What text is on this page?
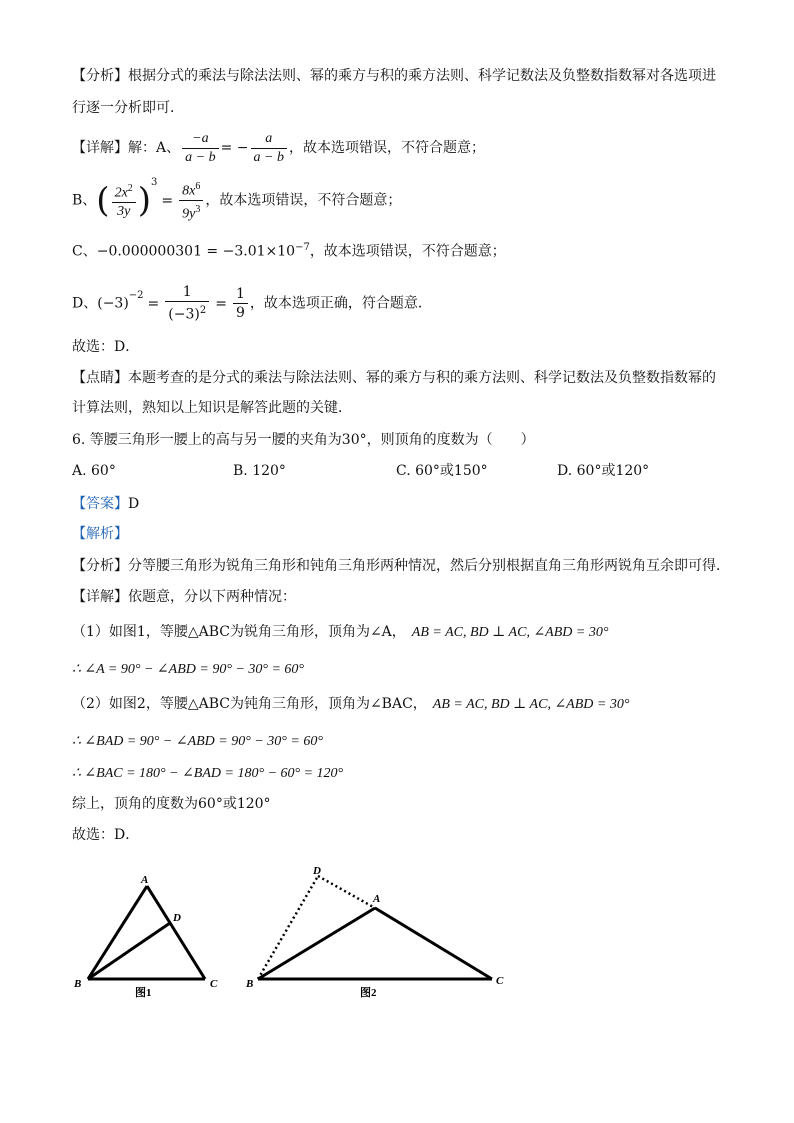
【分析】根据分式的乘法与除法法则、幂的乘方与积的乘方法则、科学记数法及负整数指数幂对各选项进
行逐一分析即可．
【详解】解：A、 $\frac{-a}{a - b}$ = − $\frac{a}{a - b}$ ，故本选项错误，不符合题意；
B、( $\frac{2x^2}{3y} )^3= \frac{8x^6}{9y^3}$ ，故本选项错误，不符合题意；
C、$-0.000000301 = -3.01\times 10^{-7}$，故本选项错误，不符合题意；
D、$(-3)^{-2}= \frac{1}{(-3)^2} = \frac{1}{9}$ ，故本选项正确，符合题意．
故选：D．
【点睛】本题考查的是分式的乘法与除法法则、幂的乘方与积的乘方法则、科学记数法及负整数指数幂的
计算法则，熟知以上知识是解答此题的关键．
6. 等腰三角形一腰上的高与另一腰的夹角为30°，则顶角的度数为（　　）
A. 60°	B. 120°	C. 60°或150°	D. 60°或120°
【答案】D
【解析】
【分析】分等腰三角形为锐角三角形和钝角三角形两种情况，然后分别根据直角三角形两锐角互余即可得．
【详解】依题意，分以下两种情况：
（1）如图1，等腰△ABC为锐角三角形，顶角为∠A， AB = AC, BD ⊥ AC, ∠ABD = 30°
∴ ∠A = 90° − ∠ABD = 90° − 30° = 60°
（2）如图2，等腰△ABC为钝角三角形，顶角为∠BAC， AB = AC, BD ⊥ AC, ∠ABD = 30°
∴ ∠BAD = 90° − ∠ABD = 90° − 30° = 60°
∴ ∠BAC = 180° − ∠BAD = 180° − 60° = 120°
综上，顶角的度数为60°或120°
故选：D．
A
D
B	C
图1
D
A
B	C
图2
